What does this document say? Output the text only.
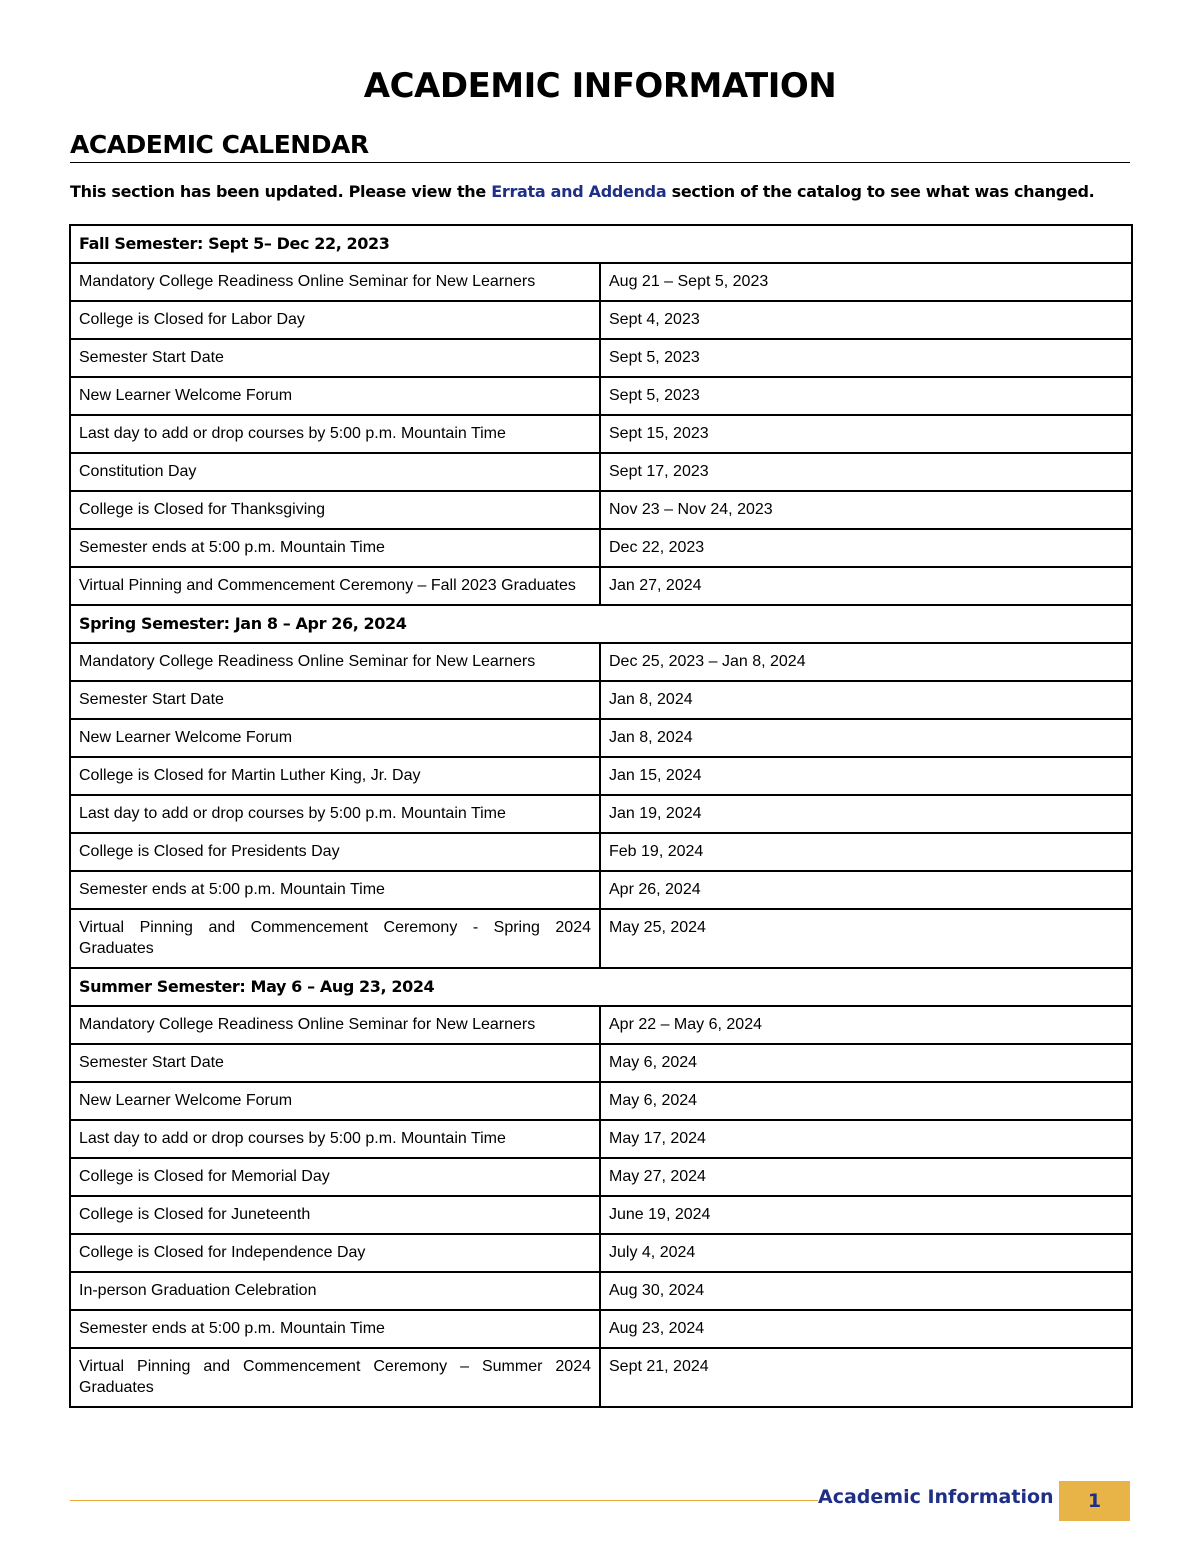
ACADEMIC INFORMATION
ACADEMIC CALENDAR
This section has been updated. Please view the Errata and Addenda section of the catalog to see what was changed.
Fall Semester: Sept 5– Dec 22, 2023	
Mandatory College Readiness Online Seminar for New Learners	Aug 21 – Sept 5, 2023
College is Closed for Labor Day	Sept 4, 2023
Semester Start Date	Sept 5, 2023
New Learner Welcome Forum	Sept 5, 2023
Last day to add or drop courses by 5:00 p.m. Mountain Time	Sept 15, 2023
Constitution Day	Sept 17, 2023
College is Closed for Thanksgiving	Nov 23 – Nov 24, 2023
Semester ends at 5:00 p.m. Mountain Time	Dec 22, 2023
Virtual Pinning and Commencement Ceremony – Fall 2023 Graduates	Jan 27, 2024
Spring Semester: Jan 8 – Apr 26, 2024	
Mandatory College Readiness Online Seminar for New Learners	Dec 25, 2023 – Jan 8, 2024
Semester Start Date	Jan 8, 2024
New Learner Welcome Forum	Jan 8, 2024
College is Closed for Martin Luther King, Jr. Day	Jan 15, 2024
Last day to add or drop courses by 5:00 p.m. Mountain Time	Jan 19, 2024
College is Closed for Presidents Day	Feb 19, 2024
Semester ends at 5:00 p.m. Mountain Time	Apr 26, 2024
Virtual Pinning and Commencement Ceremony - Spring 2024 Graduates	May 25, 2024
Summer Semester: May 6 – Aug 23, 2024	
Mandatory College Readiness Online Seminar for New Learners	Apr 22 – May 6, 2024
Semester Start Date	May 6, 2024
New Learner Welcome Forum	May 6, 2024
Last day to add or drop courses by 5:00 p.m. Mountain Time	May 17, 2024
College is Closed for Memorial Day	May 27, 2024
College is Closed for Juneteenth	June 19, 2024
College is Closed for Independence Day	July 4, 2024
In-person Graduation Celebration	Aug 30, 2024
Semester ends at 5:00 p.m. Mountain Time	Aug 23, 2024
Virtual Pinning and Commencement Ceremony – Summer 2024 Graduates	Sept 21, 2024
Academic Information	1
